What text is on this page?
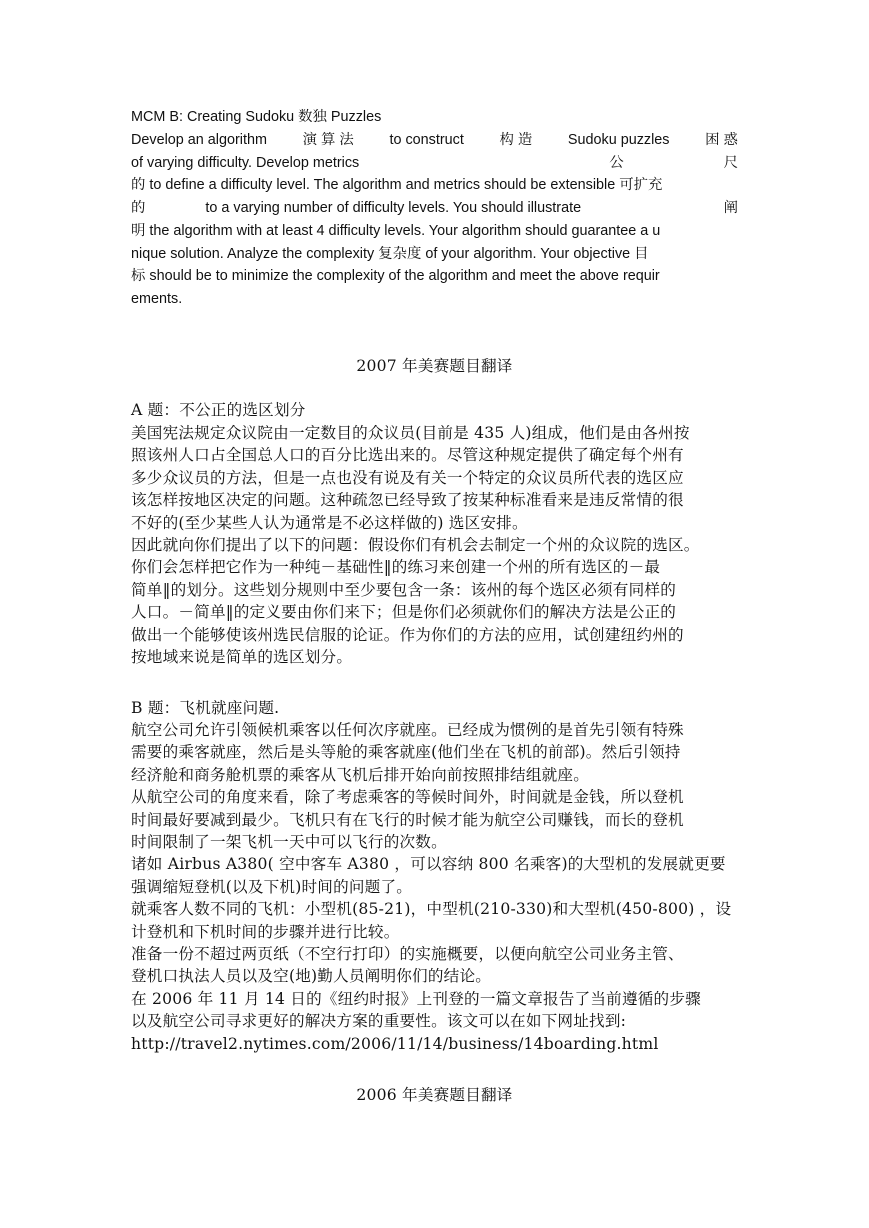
MCM B: Creating Sudoku 数独 Puzzles
Develop an algorithm 演 算 法 to construct 构 造 Sudoku puzzles 困 惑
of varying difficulty. Develop metrics	公	尺
的 to define a difficulty level. The algorithm and metrics should be extensible 可扩充
的	to a varying number of difficulty levels. You should illustrate	阐
明 the algorithm with at least 4 difficulty levels. Your algorithm should guarantee a u
nique solution. Analyze the complexity 复杂度 of your algorithm. Your objective 目
标 should be to minimize the complexity of the algorithm and meet the above requir
ements.
2007 年美赛题目翻译
A 题：不公正的选区划分
美国宪法规定众议院由一定数目的众议员(目前是 435 人)组成，他们是由各州按
照该州人口占全国总人口的百分比选出来的。尽管这种规定提供了确定每个州有
多少众议员的方法，但是一点也没有说及有关一个特定的众议员所代表的选区应
该怎样按地区决定的问题。这种疏忽已经导致了按某种标准看来是违反常情的很
不好的(至少某些人认为通常是不必这样做的) 选区安排。
因此就向你们提出了以下的问题：假设你们有机会去制定一个州的众议院的选区。
你们会怎样把它作为一种纯－基础性‖的练习来创建一个州的所有选区的－最
简单‖的划分。这些划分规则中至少要包含一条：该州的每个选区必须有同样的
人口。－简单‖的定义要由你们来下；但是你们必须就你们的解决方法是公正的
做出一个能够使该州选民信服的论证。作为你们的方法的应用，试创建纽约州的
按地域来说是简单的选区划分。
B 题：飞机就座问题.
航空公司允许引领候机乘客以任何次序就座。已经成为惯例的是首先引领有特殊
需要的乘客就座，然后是头等舱的乘客就座(他们坐在飞机的前部)。然后引领持
经济舱和商务舱机票的乘客从飞机后排开始向前按照排结组就座。
从航空公司的角度来看，除了考虑乘客的等候时间外，时间就是金钱，所以登机
时间最好要减到最少。飞机只有在飞行的时候才能为航空公司赚钱，而长的登机
时间限制了一架飞机一天中可以飞行的次数。
诸如 Airbus A380( 空中客车 A380 ，可以容纳 800 名乘客)的大型机的发展就更要
强调缩短登机(以及下机)时间的问题了。
就乘客人数不同的飞机：小型机(85-21)，中型机(210-330)和大型机(450-800) ，设
计登机和下机时间的步骤并进行比较。
准备一份不超过两页纸（不空行打印）的实施概要，以便向航空公司业务主管、
登机口执法人员以及空(地)勤人员阐明你们的结论。
在 2006 年 11 月 14 日的《纽约时报》上刊登的一篇文章报告了当前遵循的步骤
以及航空公司寻求更好的解决方案的重要性。该文可以在如下网址找到:
http://travel2.nytimes.com/2006/11/14/business/14boarding.html
2006 年美赛题目翻译
